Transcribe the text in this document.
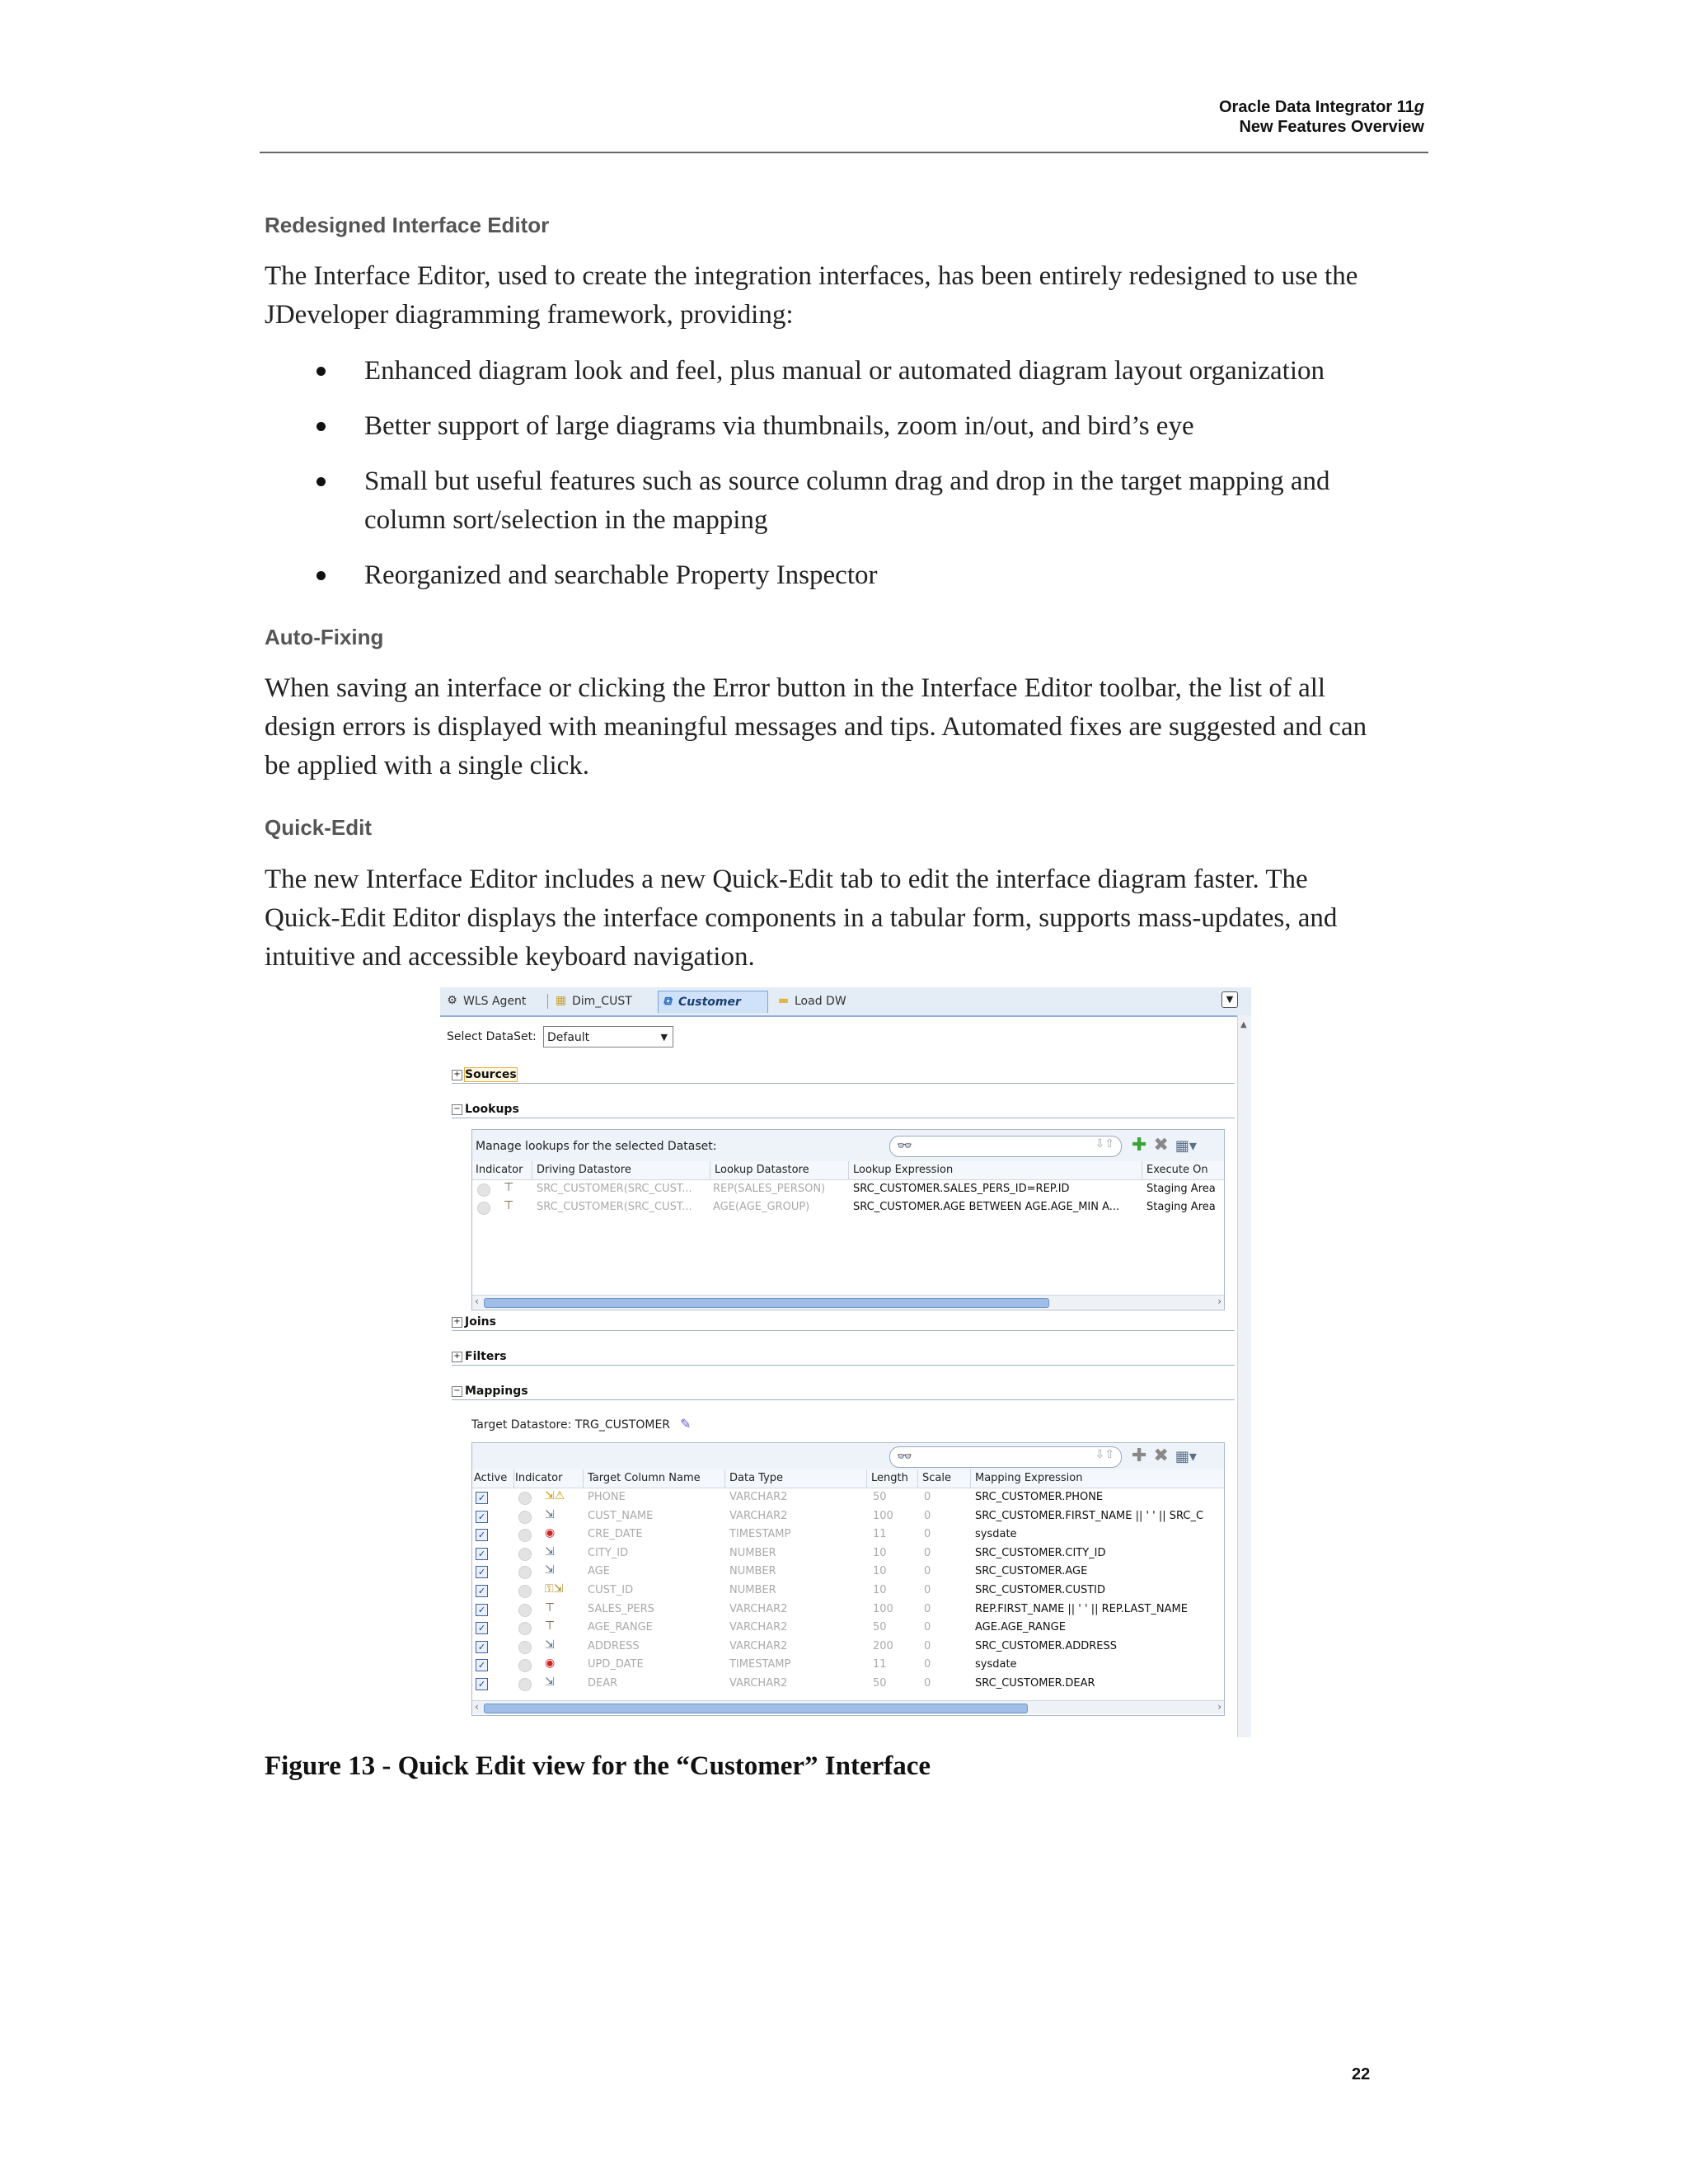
Oracle Data Integrator 11g
New Features Overview
Redesigned Interface Editor
The Interface Editor, used to create the integration interfaces, has been entirely redesigned to use the
JDeveloper diagramming framework, providing:
Enhanced diagram look and feel, plus manual or automated diagram layout organization
Better support of large diagrams via thumbnails, zoom in/out, and bird’s eye
Small but useful features such as source column drag and drop in the target mapping and column sort/selection in the mapping
Reorganized and searchable Property Inspector
Auto-Fixing
When saving an interface or clicking the Error button in the Interface Editor toolbar, the list of all
design errors is displayed with meaningful messages and tips. Automated fixes are suggested and can
be applied with a single click.
Quick-Edit
The new Interface Editor includes a new Quick-Edit tab to edit the interface diagram faster. The
Quick-Edit Editor displays the interface components in a tabular form, supports mass-updates, and
intuitive and accessible keyboard navigation.
⚙ WLS Agent	▦ Dim_CUST	⧉ Customer	▬ Load DW	▼
▲
Select DataSet: Default	▼
+ Sources
− Lookups
Manage lookups for the selected Dataset:	👓	⇩⇧ ✚ ✖ ▦▾
Indicator Driving Datastore	Lookup Datastore	Lookup Expression	Execute On
⊤ SRC_CUSTOMER(SRC_CUST...	REP(SALES_PERSON)	SRC_CUSTOMER.SALES_PERS_ID=REP.ID	Staging Area
⊤ SRC_CUSTOMER(SRC_CUST...	AGE(AGE_GROUP)	SRC_CUSTOMER.AGE BETWEEN AGE.AGE_MIN A...	Staging Area
‹	›
+ Joins
+ Filters
− Mappings
Target Datastore: TRG_CUSTOMER ✎
👓	⇩⇧ ✚ ✖ ▦▾
Active Indicator Target Column Name	Data Type	Length Scale Mapping Expression
✓	⇲⚠ PHONE	VARCHAR2	50	0	SRC_CUSTOMER.PHONE
✓	⇲	CUST_NAME	VARCHAR2	100	0	SRC_CUSTOMER.FIRST_NAME || ' ' || SRC_C
✓	◉	CRE_DATE	TIMESTAMP	11	0	sysdate
✓	⇲	CITY_ID	NUMBER	10	0	SRC_CUSTOMER.CITY_ID
✓	⇲	AGE	NUMBER	10	0	SRC_CUSTOMER.AGE
✓	⚿⇲ CUST_ID	NUMBER	10	0	SRC_CUSTOMER.CUSTID
✓	⊤	SALES_PERS	VARCHAR2	100	0	REP.FIRST_NAME || ' ' || REP.LAST_NAME
✓	⊤	AGE_RANGE	VARCHAR2	50	0	AGE.AGE_RANGE
✓	⇲	ADDRESS	VARCHAR2	200	0	SRC_CUSTOMER.ADDRESS
✓	◉	UPD_DATE	TIMESTAMP	11	0	sysdate
✓	⇲	DEAR	VARCHAR2	50	0	SRC_CUSTOMER.DEAR
‹	›
Figure 13 - Quick Edit view for the “Customer” Interface
22
